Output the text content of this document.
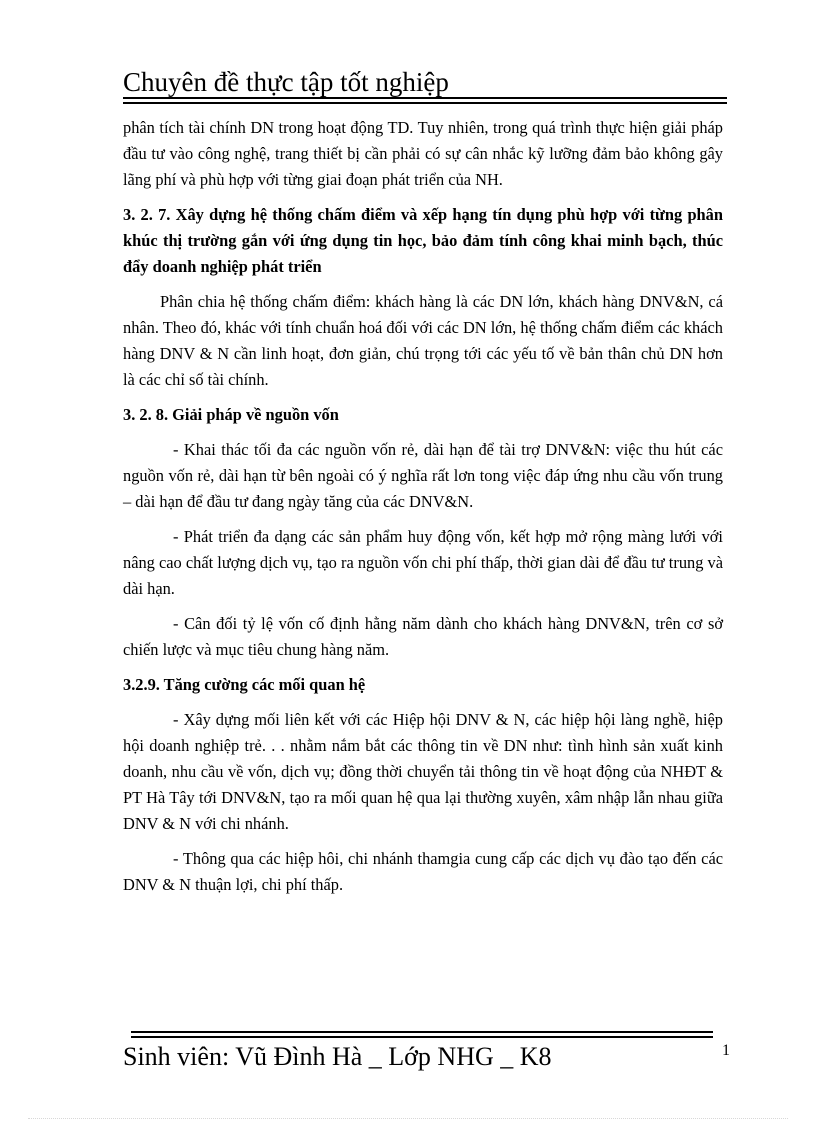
Chuyên đề thực tập tốt nghiệp

phân tích tài chính DN trong hoạt động TD. Tuy nhiên, trong quá trình thực hiện giải pháp đầu tư vào công nghệ, trang thiết bị cần phải có sự cân nhắc kỹ lưỡng đảm bảo không gây lãng phí và phù hợp với từng giai đoạn phát triển của NH.

3. 2. 7. Xây dựng hệ thống chấm điểm và xếp hạng tín dụng phù hợp với từng phân khúc thị trường gắn với ứng dụng tin học, bảo đảm tính công khai minh bạch, thúc đẩy doanh nghiệp phát triển

Phân chia hệ thống chấm điểm: khách hàng là các DN lớn, khách hàng DNV&N, cá nhân. Theo đó, khác với tính chuẩn hoá đối với các DN lớn, hệ thống chấm điểm các khách hàng DNV & N cần linh hoạt, đơn giản, chú trọng tới các yếu tố về bản thân chủ DN hơn là các chỉ số tài chính.

3. 2. 8. Giải pháp về nguồn vốn

- Khai thác tối đa các nguồn vốn rẻ, dài hạn để tài trợ DNV&N: việc thu hút các nguồn vốn rẻ, dài hạn từ bên ngoài có ý nghĩa rất lơn tong việc đáp ứng nhu cầu vốn trung – dài hạn để đầu tư đang ngày tăng của các DNV&N.

- Phát triển đa dạng các sản phẩm huy động vốn, kết hợp mở rộng màng lưới với nâng cao chất lượng dịch vụ, tạo ra nguồn vốn chi phí thấp, thời gian dài để đầu tư trung và dài hạn.

- Cân đối tỷ lệ vốn cố định hằng năm dành cho khách hàng DNV&N, trên cơ sở chiến lược và mục tiêu chung hàng năm.

3.2.9. Tăng cường các mối quan hệ

- Xây dựng mối liên kết với các Hiệp hội DNV & N, các hiệp hội làng nghề, hiệp hội doanh nghiệp trẻ. . . nhằm nắm bắt các thông tin về DN như: tình hình sản xuất kinh doanh, nhu cầu về vốn, dịch vụ; đồng thời chuyển tải thông tin về hoạt động của NHĐT & PT Hà Tây tới DNV&N, tạo ra mối quan hệ qua lại thường xuyên, xâm nhập lẫn nhau giữa DNV & N với chi nhánh.

- Thông qua các hiệp hôi, chi nhánh thamgia cung cấp các dịch vụ đào tạo đến các DNV & N thuận lợi, chi phí thấp.

Sinh viên: Vũ Đình Hà _ Lớp NHG _ K8	1
